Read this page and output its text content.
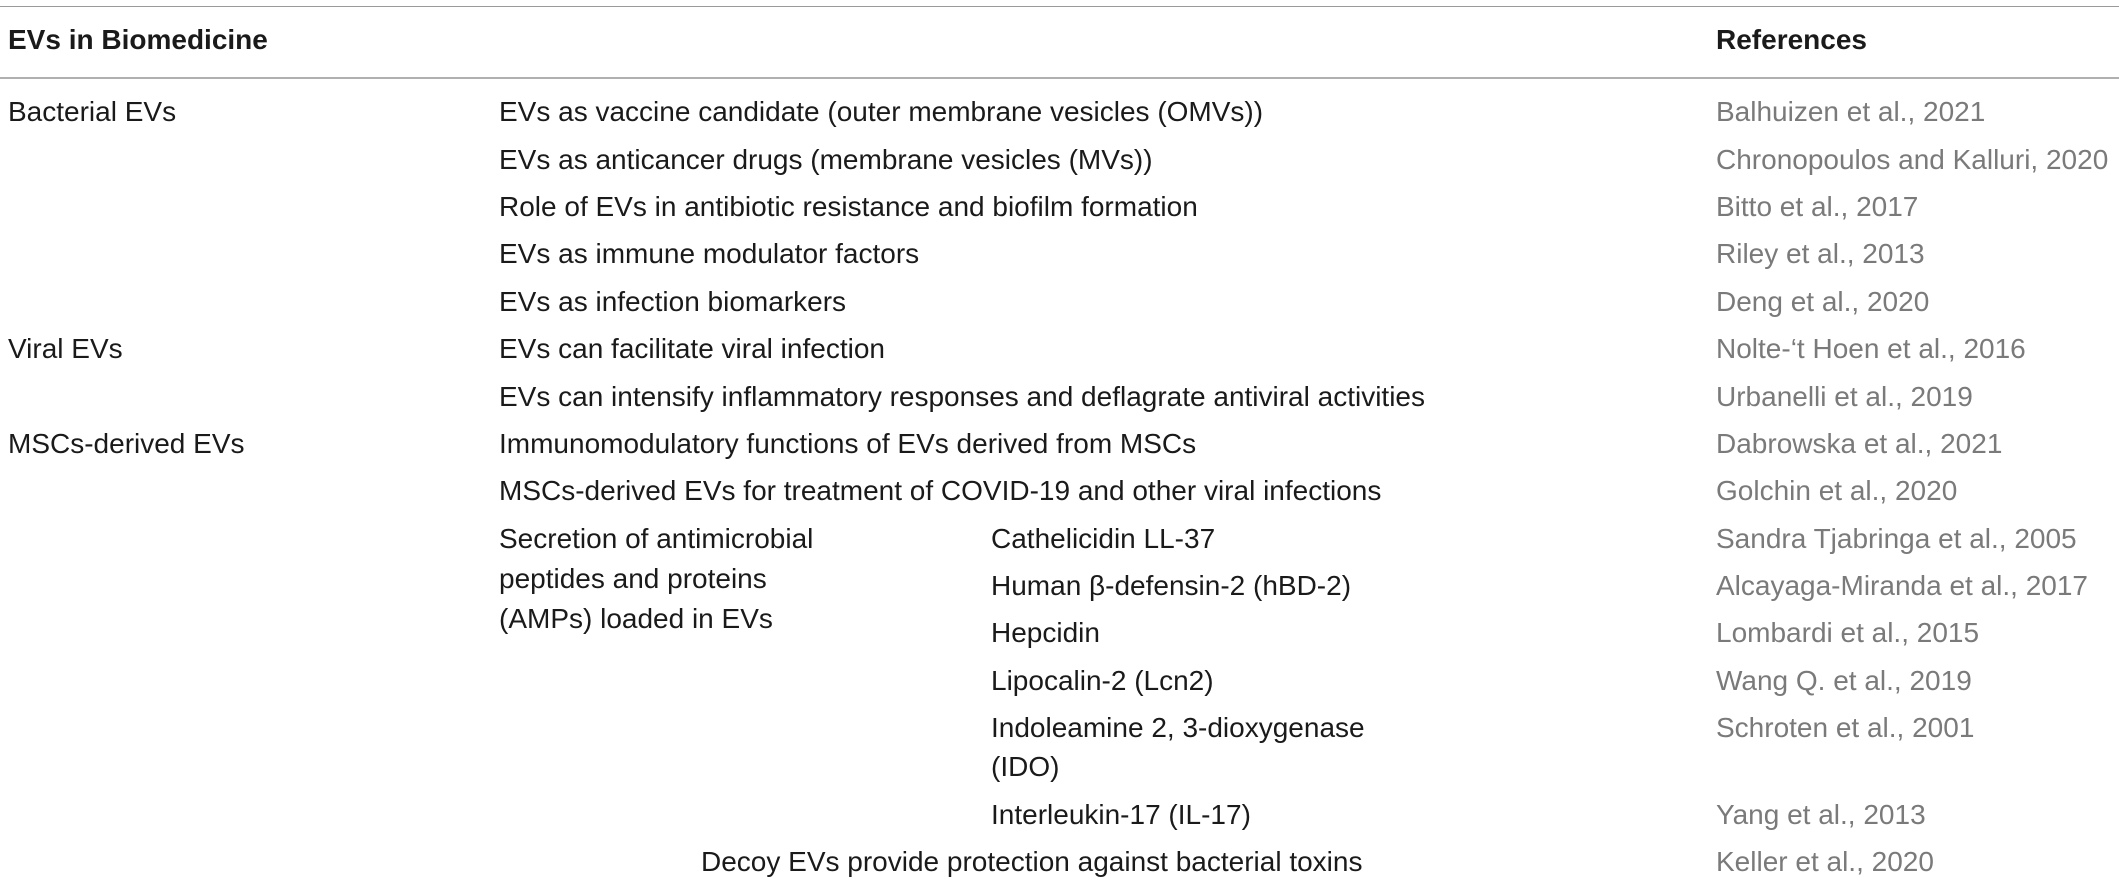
EVs in Biomedicine	References
Bacterial EVs
Viral EVs
MSCs-derived EVs
EVs as vaccine candidate (outer membrane vesicles (OMVs))
EVs as anticancer drugs (membrane vesicles (MVs))
Role of EVs in antibiotic resistance and biofilm formation
EVs as immune modulator factors
EVs as infection biomarkers
EVs can facilitate viral infection
EVs can intensify inflammatory responses and deflagrate antiviral activities
Immunomodulatory functions of EVs derived from MSCs
MSCs-derived EVs for treatment of COVID-19 and other viral infections
Balhuizen et al., 2021
Chronopoulos and Kalluri, 2020
Bitto et al., 2017
Riley et al., 2013
Deng et al., 2020
Nolte-‘t Hoen et al., 2016
Urbanelli et al., 2019
Dabrowska et al., 2021
Golchin et al., 2020
Secretion of antimicrobial
peptides and proteins
(AMPs) loaded in EVs
Cathelicidin LL-37
Human β-defensin-2 (hBD-2)
Hepcidin
Lipocalin-2 (Lcn2)
Indoleamine 2, 3-dioxygenase
(IDO)
Interleukin-17 (IL-17)
Sandra Tjabringa et al., 2005
Alcayaga-Miranda et al., 2017
Lombardi et al., 2015
Wang Q. et al., 2019
Schroten et al., 2001
Yang et al., 2013
Decoy EVs provide protection against bacterial toxins	Keller et al., 2020
